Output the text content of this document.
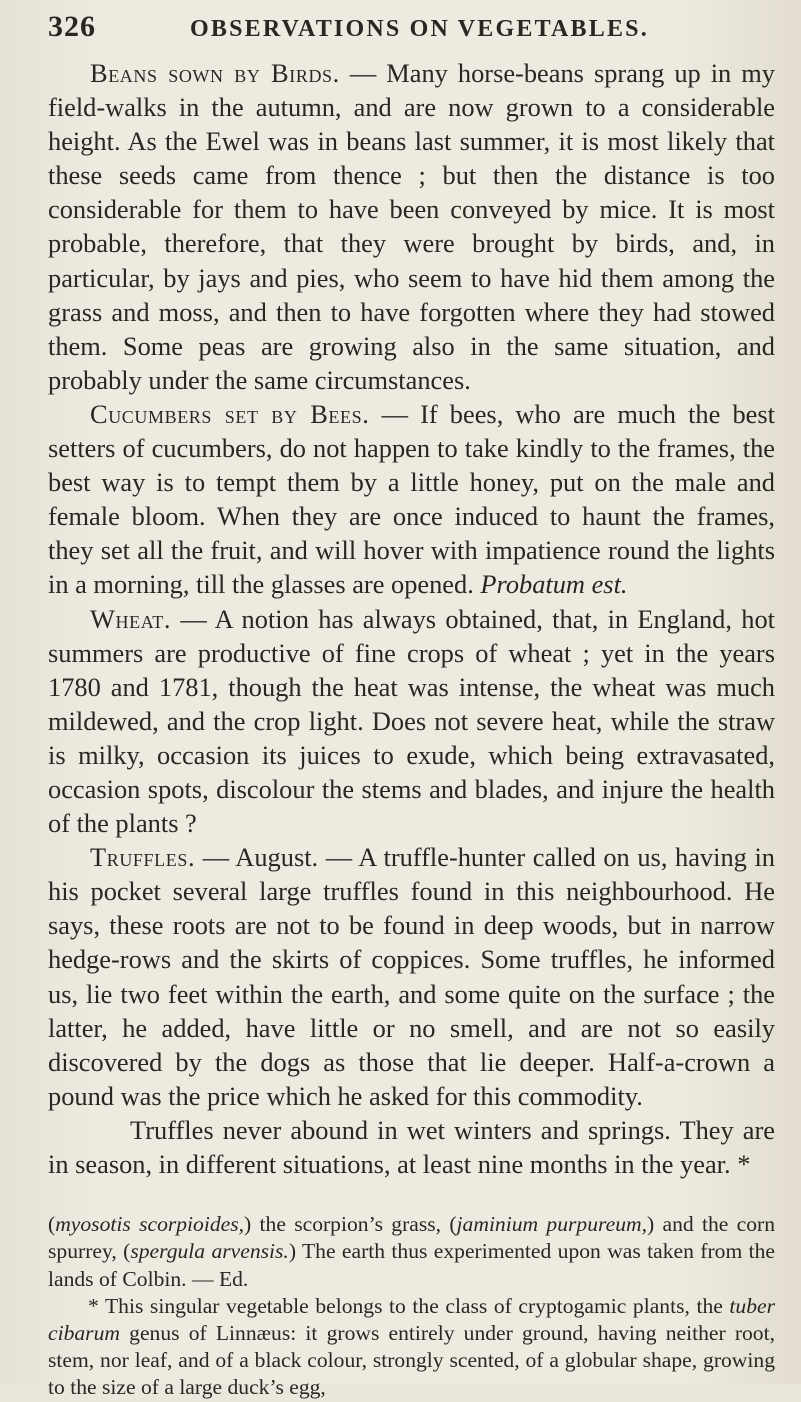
326	OBSERVATIONS ON VEGETABLES.

Beans sown by Birds. — Many horse-beans sprang up in my field-walks in the autumn, and are now grown to a considerable height. As the Ewel was in beans last summer, it is most likely that these seeds came from thence ; but then the distance is too considerable for them to have been conveyed by mice. It is most probable, therefore, that they were brought by birds, and, in particular, by jays and pies, who seem to have hid them among the grass and moss, and then to have forgotten where they had stowed them. Some peas are growing also in the same situation, and probably under the same circumstances.

Cucumbers set by Bees. — If bees, who are much the best setters of cucumbers, do not happen to take kindly to the frames, the best way is to tempt them by a little honey, put on the male and female bloom. When they are once induced to haunt the frames, they set all the fruit, and will hover with impatience round the lights in a morning, till the glasses are opened. Probatum est.

Wheat. — A notion has always obtained, that, in England, hot summers are productive of fine crops of wheat ; yet in the years 1780 and 1781, though the heat was intense, the wheat was much mildewed, and the crop light. Does not severe heat, while the straw is milky, occasion its juices to exude, which being extravasated, occasion spots, discolour the stems and blades, and injure the health of the plants ?

Truffles. — August. — A truffle-hunter called on us, having in his pocket several large truffles found in this neighbourhood. He says, these roots are not to be found in deep woods, but in narrow hedge-rows and the skirts of coppices. Some truffles, he informed us, lie two feet within the earth, and some quite on the surface ; the latter, he added, have little or no smell, and are not so easily discovered by the dogs as those that lie deeper. Half-a-crown a pound was the price which he asked for this commodity.

Truffles never abound in wet winters and springs. They are in season, in different situations, at least nine months in the year. *

(myosotis scorpioides,) the scorpion’s grass, (jaminium purpureum,) and the corn spurrey, (spergula arvensis.) The earth thus experimented upon was taken from the lands of Colbin. — Ed.

* This singular vegetable belongs to the class of cryptogamic plants, the tuber cibarum genus of Linnæus: it grows entirely under ground, having neither root, stem, nor leaf, and of a black colour, strongly scented, of a globular shape, growing to the size of a large duck’s egg,
